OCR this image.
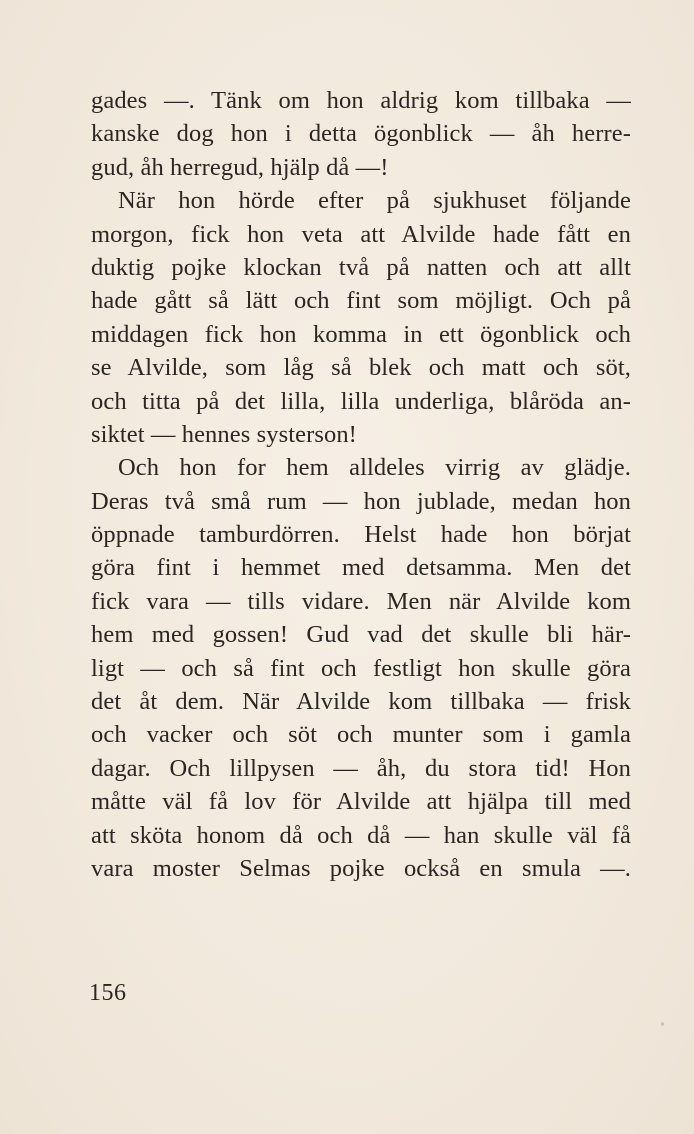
gades —. Tänk om hon aldrig kom tillbaka —
kanske dog hon i detta ögonblick — åh herre-
gud, åh herregud, hjälp då —!
När hon hörde efter på sjukhuset följande
morgon, fick hon veta att Alvilde hade fått en
duktig pojke klockan två på natten och att allt
hade gått så lätt och fint som möjligt. Och på
middagen fick hon komma in ett ögonblick och
se Alvilde, som låg så blek och matt och söt,
och titta på det lilla, lilla underliga, blåröda an-
siktet — hennes systerson!
Och hon for hem alldeles virrig av glädje.
Deras två små rum — hon jublade, medan hon
öppnade tamburdörren. Helst hade hon börjat
göra fint i hemmet med detsamma. Men det
fick vara — tills vidare. Men när Alvilde kom
hem med gossen! Gud vad det skulle bli här-
ligt — och så fint och festligt hon skulle göra
det åt dem. När Alvilde kom tillbaka — frisk
och vacker och söt och munter som i gamla
dagar. Och lillpysen — åh, du stora tid! Hon
måtte väl få lov för Alvilde att hjälpa till med
att sköta honom då och då — han skulle väl få
vara moster Selmas pojke också en smula —.
156
